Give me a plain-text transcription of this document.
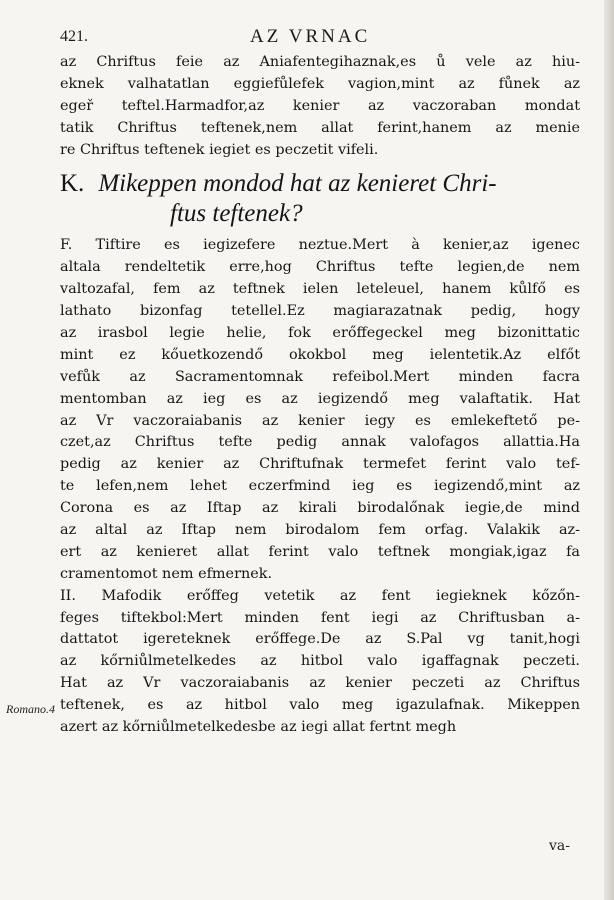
421.	AZ VRNAC
az Chriftus feie az Aniafentegihaznak,es ů vele az hiu-
eknek valhatatlan eggiefůlefek vagion,mint az fůnek az
egeř teftel.Harmadfor,az kenier az vaczoraban mondat
tatik Chriftus teftenek,nem allat ferint,hanem az menie
re Chriftus teftenek iegiet es peczetit vifeli.
K. Mikeppen mondod hat az kenieret Chri-
ftus teftenek?
F. Tiftire es iegizefere neztue.Mert à kenier,az igenec
altala rendeltetik erre,hog Chriftus tefte legien,de nem
valtozafal, fem az teftnek ielen leteleuel, hanem kůlfő es
lathato bizonfag tetellel.Ez magiarazatnak pedig, hogy
az irasbol legie helie, fok erőffegeckel meg bizonittatic
mint ez kőuetkozendő okokbol meg ielentetik.Az elfőt
vefůk az Sacramentomnak refeibol.Mert minden facra
mentomban az ieg es az iegizendő meg valaftatik. Hat
az Vr vaczoraiabanis az kenier iegy es emlekeftető pe-
czet,az Chriftus tefte pedig annak valofagos allattia.Ha
pedig az kenier az Chriftufnak termefet ferint valo tef-
te lefen,nem lehet eczerfmind ieg es iegizendő,mint az
Corona es az Iftap az kirali birodalőnak iegie,de mind
az altal az Iftap nem birodalom fem orfag. Valakik az-
ert az kenieret allat ferint valo teftnek mongiak,igaz fa
cramentomot nem efmernek.
II. Mafodik erőffeg vetetik az fent iegieknek kőzőn-
feges tiftekbol:Mert minden fent iegi az Chriftusban a-
dattatot igereteknek erőffege.De az S.Pal vg tanit,hogi
az kőrniůlmetelkedes az hitbol valo igaffagnak peczeti.
Hat az Vr vaczoraiabanis az kenier peczeti az Chriftus
teftenek, es az hitbol valo meg igazulafnak. Mikeppen
azert az kőrniůlmetelkedesbe az iegi allat fertnt megh
Romano.4
va-
